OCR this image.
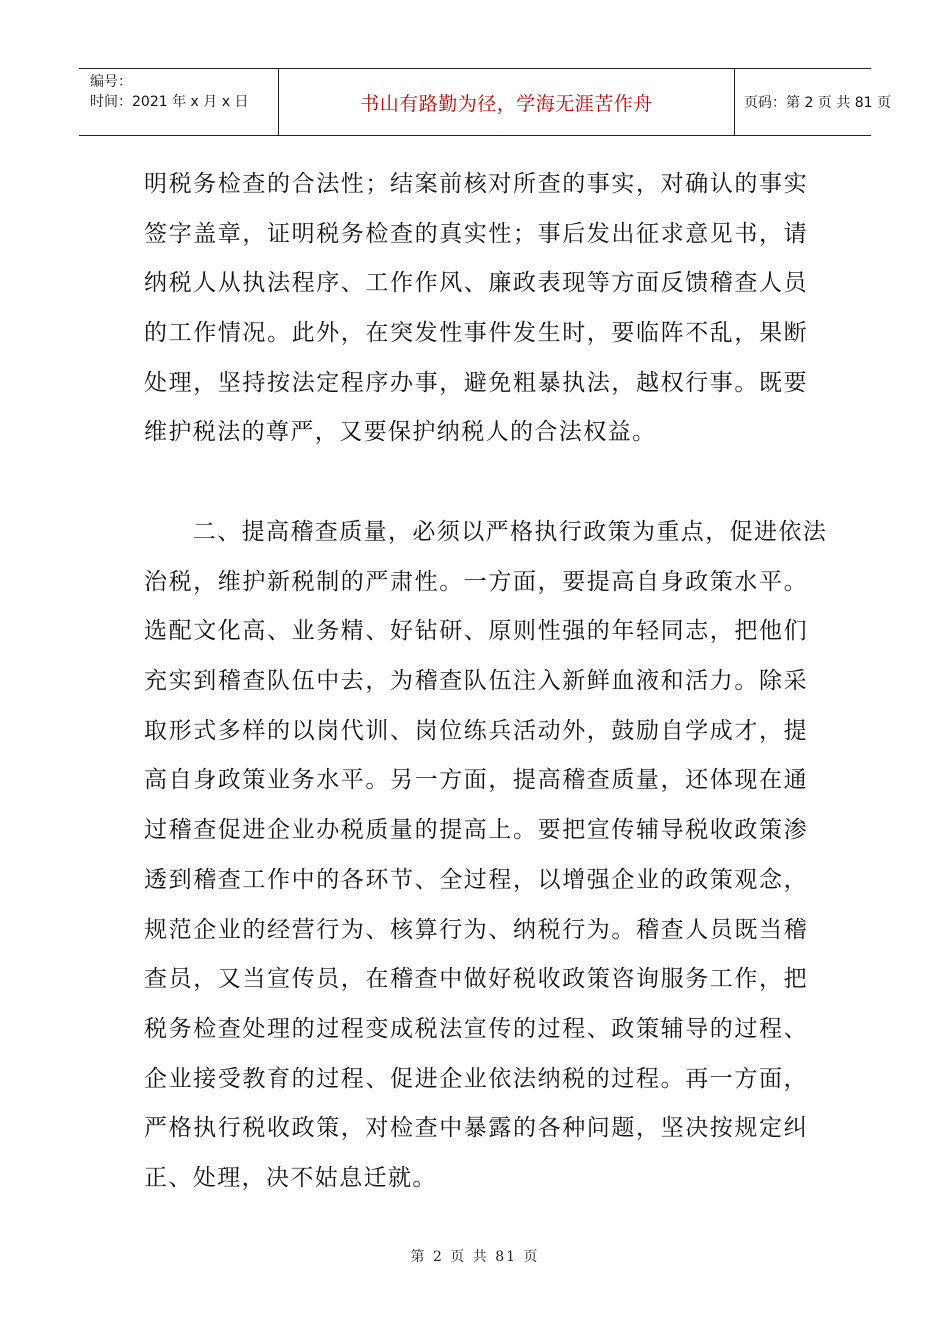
编号：
时间：2021 年 x 月 x 日	书山有路勤为径，学海无涯苦作舟	页码：第 2 页 共 81 页
明税务检查的合法性；结案前核对所查的事实，对确认的事实
签字盖章，证明税务检查的真实性；事后发出征求意见书，请
纳税人从执法程序、工作作风、廉政表现等方面反馈稽查人员
的工作情况。此外，在突发性事件发生时，要临阵不乱，果断
处理，坚持按法定程序办事，避免粗暴执法，越权行事。既要
维护税法的尊严，又要保护纳税人的合法权益。
　　二、提高稽查质量，必须以严格执行政策为重点，促进依法
治税，维护新税制的严肃性。一方面，要提高自身政策水平。
选配文化高、业务精、好钻研、原则性强的年轻同志，把他们
充实到稽查队伍中去，为稽查队伍注入新鲜血液和活力。除采
取形式多样的以岗代训、岗位练兵活动外，鼓励自学成才，提
高自身政策业务水平。另一方面，提高稽查质量，还体现在通
过稽查促进企业办税质量的提高上。要把宣传辅导税收政策渗
透到稽查工作中的各环节、全过程，以增强企业的政策观念，
规范企业的经营行为、核算行为、纳税行为。稽查人员既当稽
查员，又当宣传员，在稽查中做好税收政策咨询服务工作，把
税务检查处理的过程变成税法宣传的过程、政策辅导的过程、
企业接受教育的过程、促进企业依法纳税的过程。再一方面，
严格执行税收政策，对检查中暴露的各种问题，坚决按规定纠
正、处理，决不姑息迁就。
第 2 页 共 81 页
